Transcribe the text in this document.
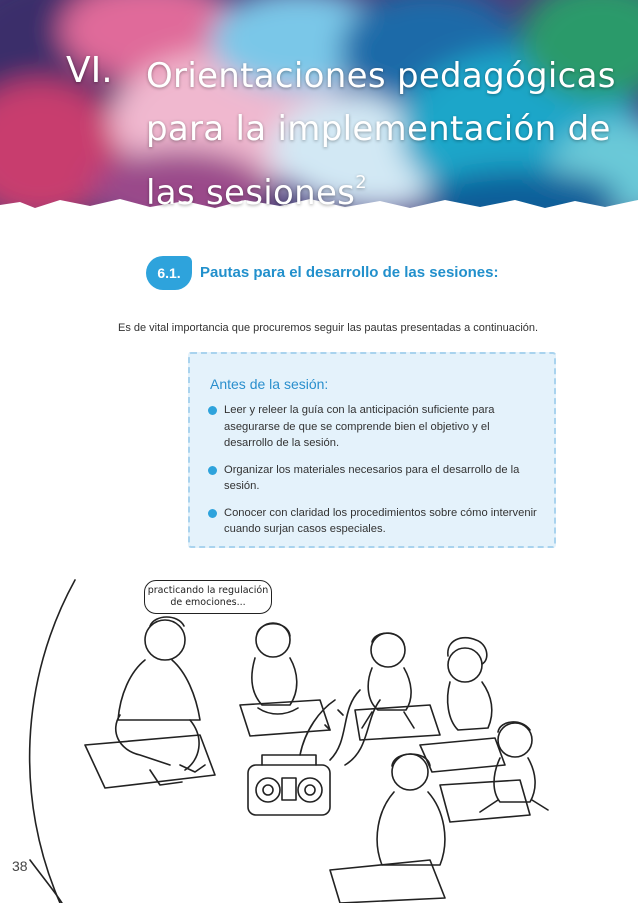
VI. Orientaciones pedagógicas
para la implementación de
las sesiones$^2$
6.1.	Pautas para el desarrollo de las sesiones:

Es de vital importancia que procuremos seguir las pautas presentadas a continuación.

Antes de la sesión:
Leer y releer la guía con la anticipación suficiente para asegurarse de que se comprende bien el objetivo y el desarrollo de la sesión.
Organizar los materiales necesarios para el desarrollo de la sesión.
Conocer con claridad los procedimientos sobre cómo intervenir cuando surjan casos especiales.
practicando la regulación
de emociones...
38
